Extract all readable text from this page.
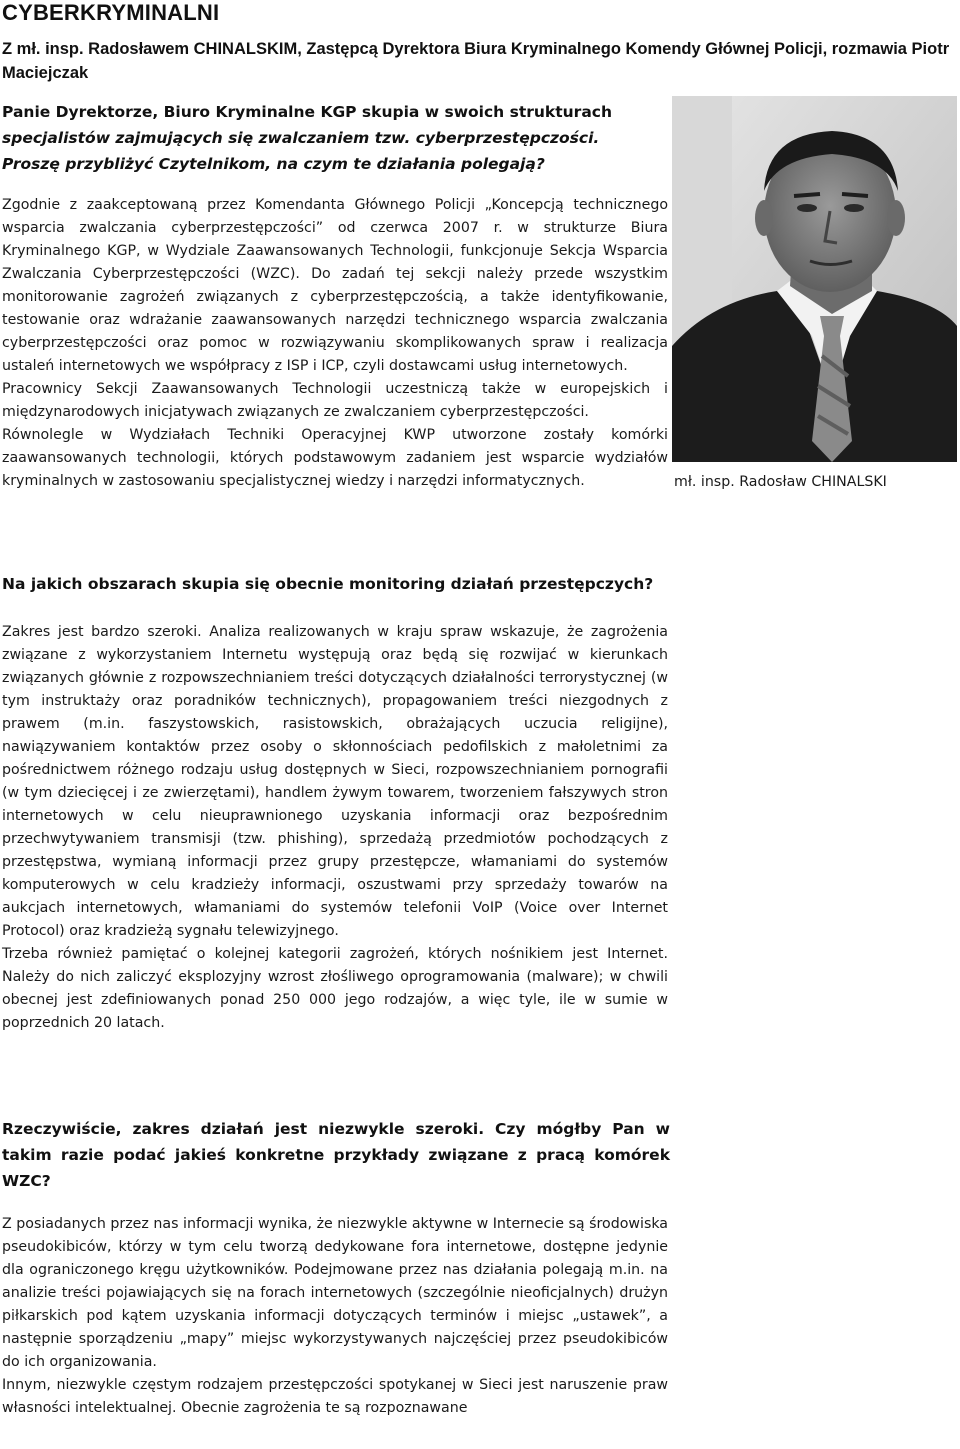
CYBERKRYMINALNI
Z mł. insp. Radosławem CHINALSKIM, Zastępcą Dyrektora Biura Kryminalnego Komendy Głównej Policji, rozmawia Piotr Maciejczak
Panie Dyrektorze, Biuro Kryminalne KGP skupia w swoich strukturach
specjalistów zajmujących się zwalczaniem tzw. cyberprzestępczości.
Proszę przybliżyć Czytelnikom, na czym te działania polegają?

Zgodnie z zaakceptowaną przez Komendanta Głównego Policji „Koncepcją technicznego wsparcia zwalczania cyberprzestępczości” od czerwca 2007 r. w strukturze Biura Kryminalnego KGP, w Wydziale Zaawansowanych Technologii, funkcjonuje Sekcja Wsparcia Zwalczania Cyberprzestępczości (WZC). Do zadań tej sekcji należy przede wszystkim monitorowanie zagrożeń związanych z cyberprzestępczością, a także identyfikowanie, testowanie oraz wdrażanie zaawansowanych narzędzi technicznego wsparcia zwalczania cyberprzestępczości oraz pomoc w rozwiązywaniu skomplikowanych spraw i realizacja ustaleń internetowych we współpracy z ISP i ICP, czyli dostawcami usług internetowych.

Pracownicy Sekcji Zaawansowanych Technologii uczestniczą także w europejskich i międzynarodowych inicjatywach związanych ze zwalczaniem cyberprzestępczości.

Równolegle w Wydziałach Techniki Operacyjnej KWP utworzone zostały komórki zaawansowanych technologii, których podstawowym zadaniem jest wsparcie wydziałów kryminalnych w zastosowaniu specjalistycznej wiedzy i narzędzi informatycznych.	mł. insp. Radosław CHINALSKI
Na jakich obszarach skupia się obecnie monitoring działań przestępczych?

Zakres jest bardzo szeroki. Analiza realizowanych w kraju spraw wskazuje, że zagrożenia związane z wykorzystaniem Internetu występują oraz będą się rozwijać w kierunkach związanych głównie z rozpowszechnianiem treści dotyczących działalności terrorystycznej (w tym instruktaży oraz poradników technicznych), propagowaniem treści niezgodnych z prawem (m.in. faszystowskich, rasistowskich, obrażających uczucia religijne), nawiązywaniem kontaktów przez osoby o skłonnościach pedofilskich z małoletnimi za pośrednictwem różnego rodzaju usług dostępnych w Sieci, rozpowszechnianiem pornografii (w tym dziecięcej i ze zwierzętami), handlem żywym towarem, tworzeniem fałszywych stron internetowych w celu nieuprawnionego uzyskania informacji oraz bezpośrednim przechwytywaniem transmisji (tzw. phishing), sprzedażą przedmiotów pochodzących z przestępstwa, wymianą informacji przez grupy przestępcze, włamaniami do systemów komputerowych w celu kradzieży informacji, oszustwami przy sprzedaży towarów na aukcjach internetowych, włamaniami do systemów telefonii VoIP (Voice over Internet Protocol) oraz kradzieżą sygnału telewizyjnego.

Trzeba również pamiętać o kolejnej kategorii zagrożeń, których nośnikiem jest Internet. Należy do nich zaliczyć eksplozyjny wzrost złośliwego oprogramowania (malware); w chwili obecnej jest zdefiniowanych ponad 250 000 jego rodzajów, a więc tyle, ile w sumie w poprzednich 20 latach.

Rzeczywiście, zakres działań jest niezwykle szeroki. Czy mógłby Pan w takim razie podać jakieś konkretne przykłady związane z pracą komórek WZC?

Z posiadanych przez nas informacji wynika, że niezwykle aktywne w Internecie są środowiska pseudokibiców, którzy w tym celu tworzą dedykowane fora internetowe, dostępne jedynie dla ograniczonego kręgu użytkowników. Podejmowane przez nas działania polegają m.in. na analizie treści pojawiających się na forach internetowych (szczególnie nieoficjalnych) drużyn piłkarskich pod kątem uzyskania informacji dotyczących terminów i miejsc „ustawek”, a następnie sporządzeniu „mapy” miejsc wykorzystywanych najczęściej przez pseudokibiców do ich organizowania.

Innym, niezwykle częstym rodzajem przestępczości spotykanej w Sieci jest naruszenie praw własności intelektualnej. Obecnie zagrożenia te są rozpoznawane
